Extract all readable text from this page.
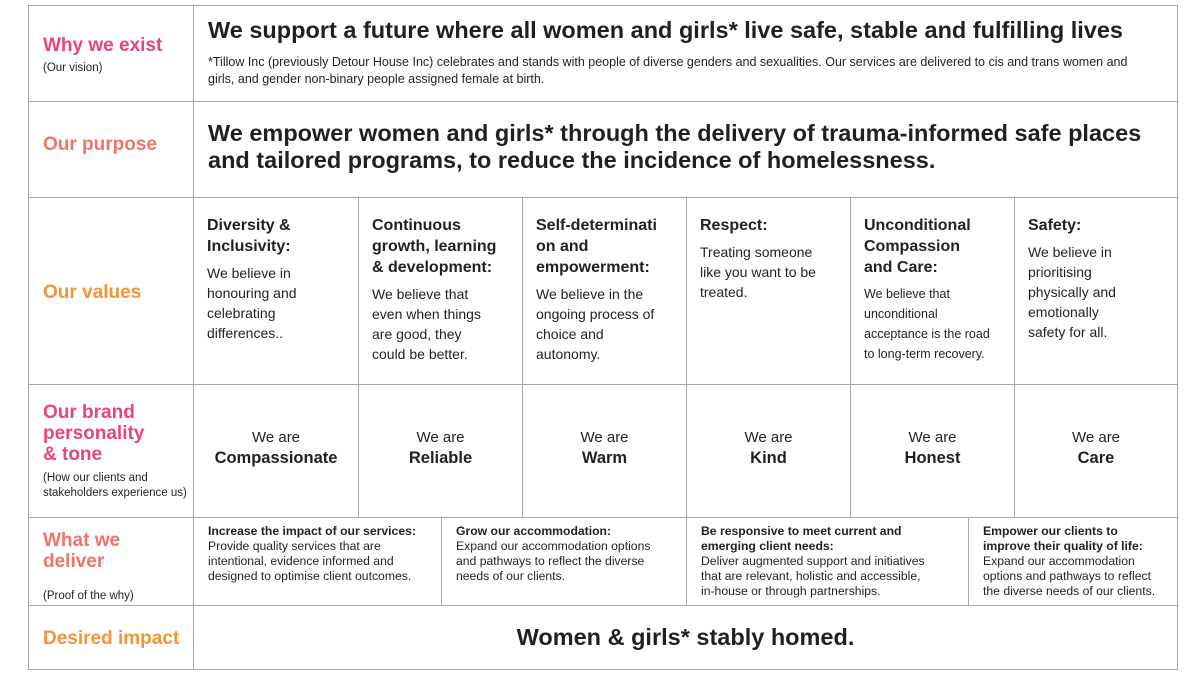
Why we exist
(Our vision)
We support a future where all women and girls* live safe, stable and fulfilling lives
*Tillow Inc (previously Detour House Inc) celebrates and stands with people of diverse genders and sexualities. Our services are delivered to cis and trans women and girls, and gender non-binary people assigned female at birth.
Our purpose We empower women and girls* through the delivery of trauma-informed safe places and tailored programs, to reduce the incidence of homelessness.
Our values
Diversity &
Inclusivity:
We believe in
honouring and
celebrating
differences..
Continuous
growth, learning
& development:
We believe that
even when things
are good, they
could be better.
Self-determinati
on and
empowerment:
We believe in the
ongoing process of
choice and
autonomy.
Respect:
Treating someone
like you want to be
treated.
Unconditional
Compassion
and Care:
We believe that
unconditional
acceptance is the road
to long-term recovery.
Safety:
We believe in
prioritising
physically and
emotionally
safety for all.
Our brand
personality
& tone
(How our clients and stakeholders experience us)
We are
Compassionate
We are
Reliable
We are
Warm
We are
Kind
We are
Honest
We are
Care
What we
deliver
(Proof of the why)
Increase the impact of our services:
Provide quality services that are
intentional, evidence informed and
designed to optimise client outcomes.
Grow our accommodation:
Expand our accommodation options
and pathways to reflect the diverse
needs of our clients.
Be responsive to meet current and
emerging client needs:
Deliver augmented support and initiatives
that are relevant, holistic and accessible,
in-house or through partnerships.
Empower our clients to
improve their quality of life:
Expand our accommodation
options and pathways to reflect
the diverse needs of our clients.
Desired impact	Women & girls* stably homed.
